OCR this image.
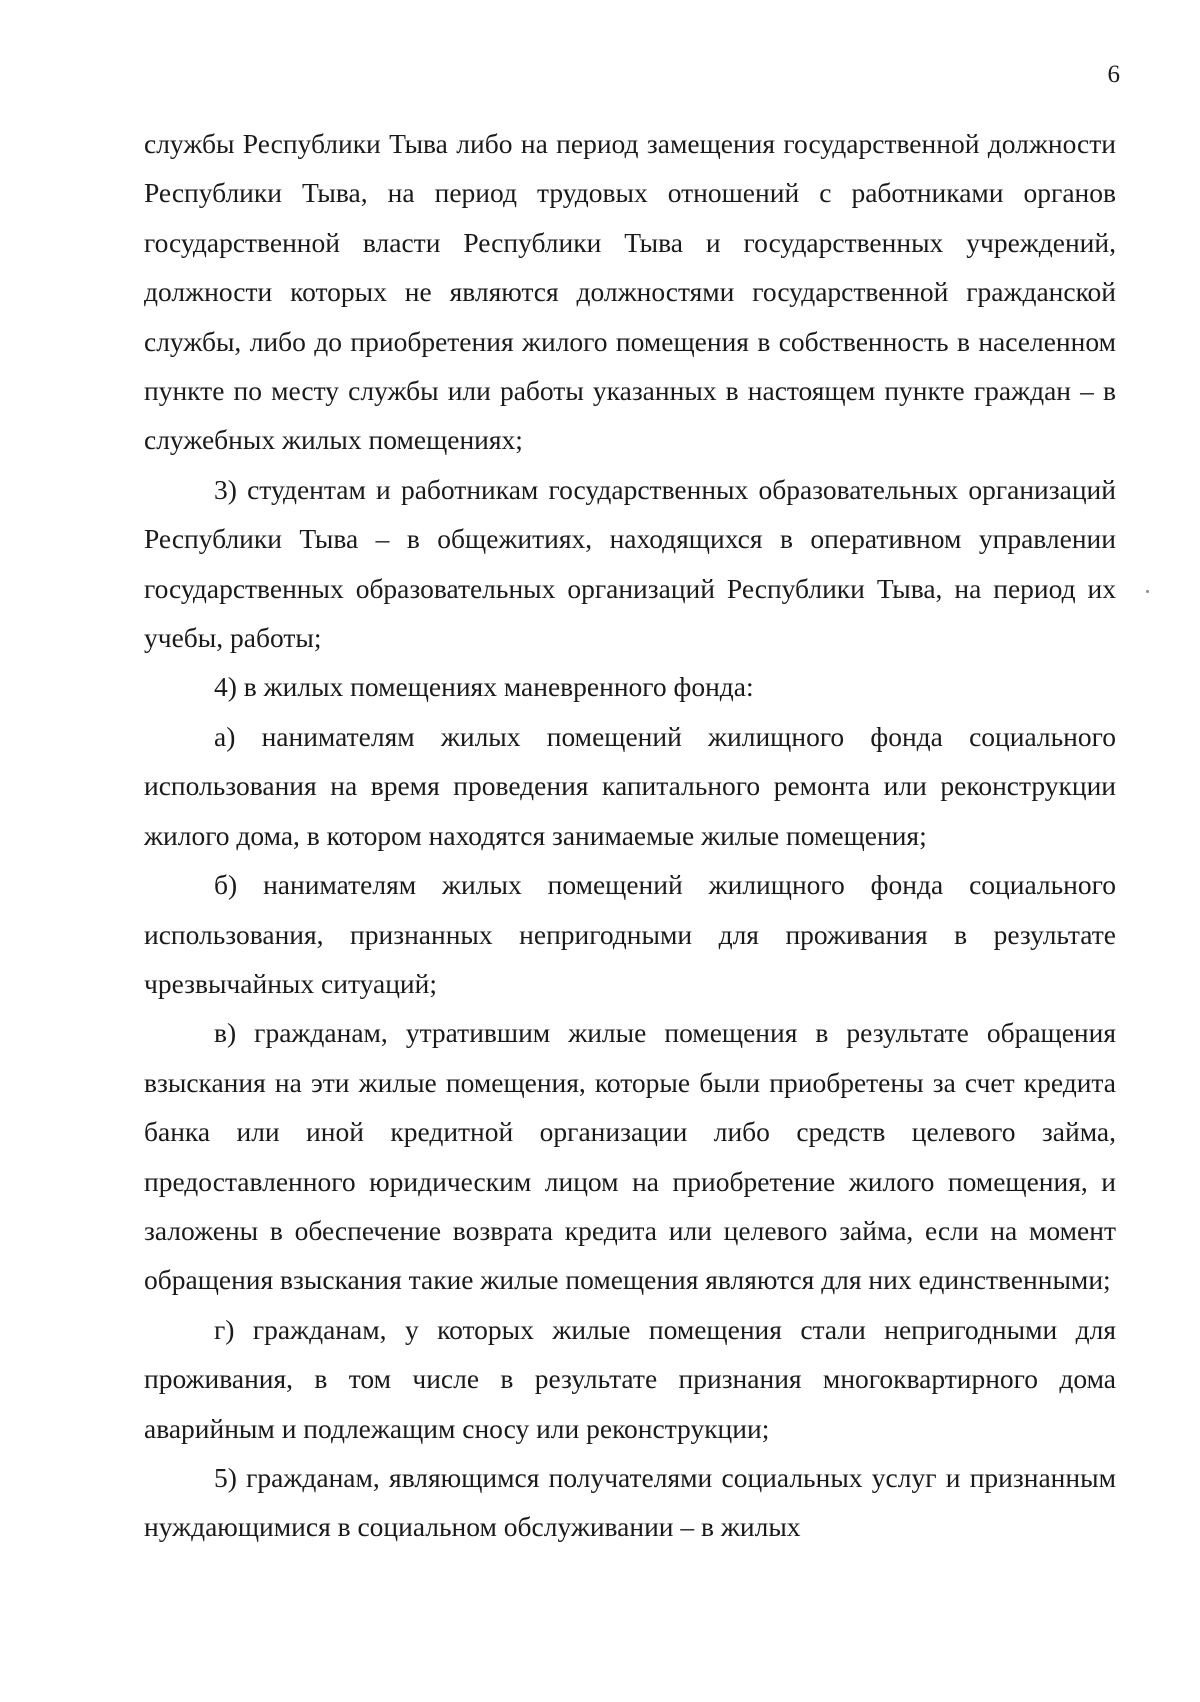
6

службы Республики Тыва либо на период замещения государственной должности Республики Тыва, на период трудовых отношений с работниками органов государственной власти Республики Тыва и государственных учреждений, должности которых не являются должностями государственной гражданской службы, либо до приобретения жилого помещения в собственность в населенном пункте по месту службы или работы указанных в настоящем пункте граждан – в служебных жилых помещениях;

3) студентам и работникам государственных образовательных организаций Республики Тыва – в общежитиях, находящихся в оперативном управлении государственных образовательных организаций Республики Тыва, на период их учебы, работы;

4) в жилых помещениях маневренного фонда:

а) нанимателям жилых помещений жилищного фонда социального использования на время проведения капитального ремонта или реконструкции жилого дома, в котором находятся занимаемые жилые помещения;

б) нанимателям жилых помещений жилищного фонда социального использования, признанных непригодными для проживания в результате чрезвычайных ситуаций;

в) гражданам, утратившим жилые помещения в результате обращения взыскания на эти жилые помещения, которые были приобретены за счет кредита банка или иной кредитной организации либо средств целевого займа, предоставленного юридическим лицом на приобретение жилого помещения, и заложены в обеспечение возврата кредита или целевого займа, если на момент обращения взыскания такие жилые помещения являются для них единственными;

г) гражданам, у которых жилые помещения стали непригодными для проживания, в том числе в результате признания многоквартирного дома аварийным и подлежащим сносу или реконструкции;

5) гражданам, являющимся получателями социальных услуг и признанным нуждающимися в социальном обслуживании – в жилых
